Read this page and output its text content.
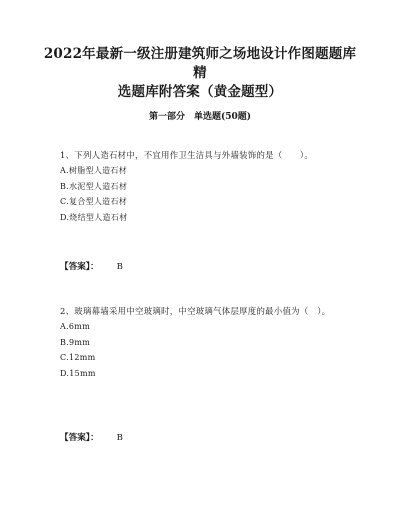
2022年最新一级注册建筑师之场地设计作图题题库精
选题库附答案（黄金题型）
第一部分　单选题(50题)
1、下列人造石材中，不宜用作卫生洁具与外墙装饰的是（　　）。
A.树脂型人造石材
B.水泥型人造石材
C.复合型人造石材
D.烧结型人造石材
【答案】： B
2、玻璃幕墙采用中空玻璃时，中空玻璃气体层厚度的最小值为（　）。
A.6mm
B.9mm
C.12mm
D.15mm
【答案】： B
